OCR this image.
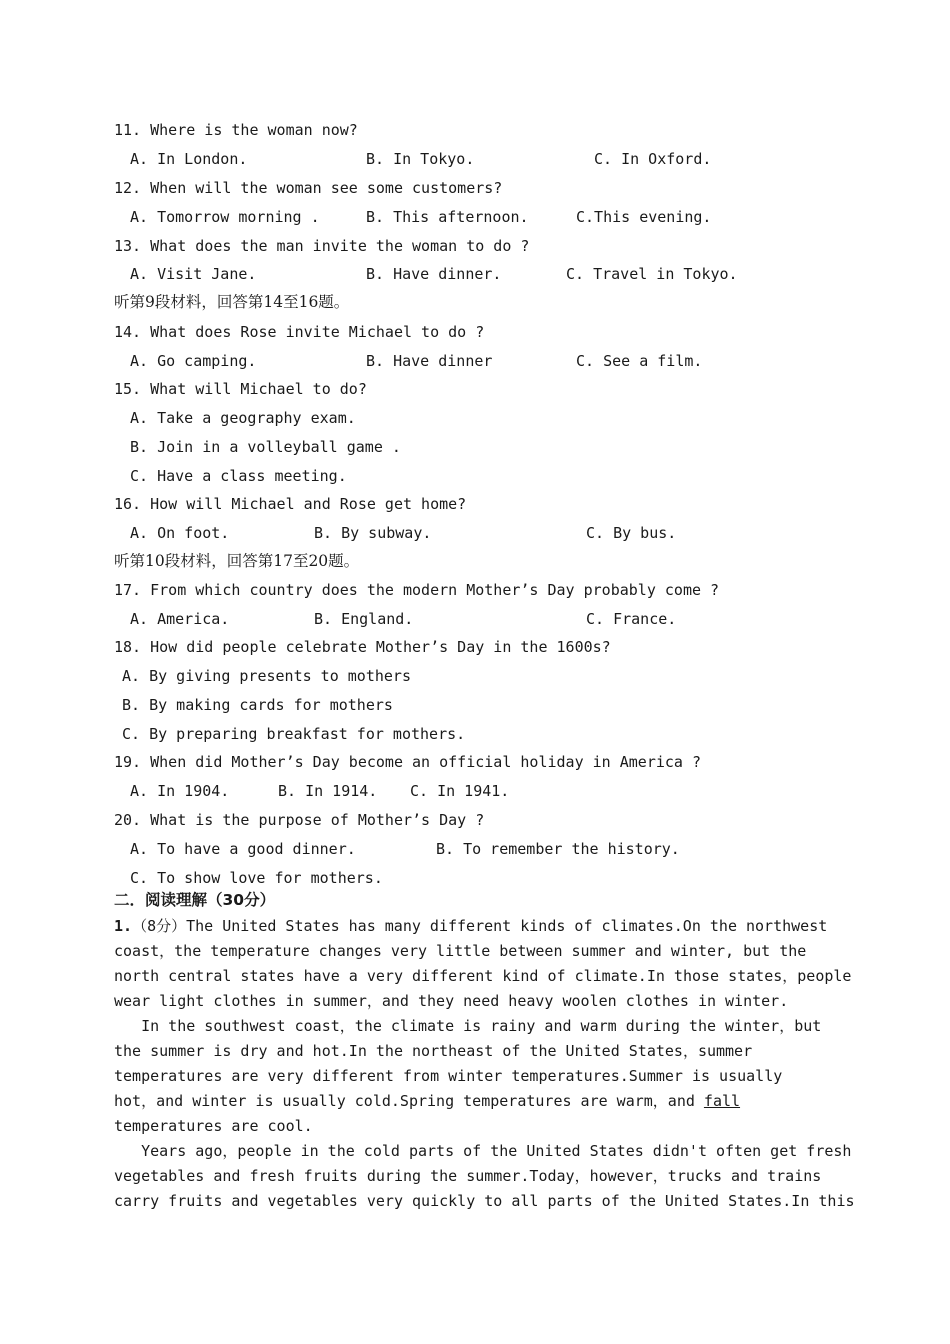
11. Where is the woman now?

A. In London.

	B. In Tokyo.

	C. In Oxford.

12. When will the woman see some customers?

A. Tomorrow morning .

	B. This afternoon.

	C.This evening.

13. What does the man invite the woman to do ?

A. Visit Jane.

	B. Have dinner.

	C. Travel in Tokyo.

听第9段材料，回答第14至16题。
14. What does Rose invite Michael to do ?

A. Go camping.

	B. Have dinner

	C. See a film.

15. What will Michael to do?
A. Take a geography exam.
B. Join in a volleyball game .
C. Have a class meeting.
16. How will Michael and Rose get home?

A. On foot.

	B. By subway.

	C. By bus.

听第10段材料，回答第17至20题。
17. From which country does the modern Mother’s Day probably come ?

A. America.

	B. England.

	C. France.

18. How did people celebrate Mother’s Day in the 1600s?
A. By giving presents to mothers
B. By making cards for mothers
C. By preparing breakfast for mothers.
19. When did Mother’s Day become an official holiday in America ?

A. In 1904.

	B. In 1914.

C. In 1941.

20. What is the purpose of Mother’s Day ?

A. To have a good dinner.

	B. To remember the history.

C. To show love for mothers.
二．阅读理解（30分）
1.（8分）The United States has many different kinds of climates.On the northwest
coast，the temperature changes very little between summer and winter, but the
north central states have a very different kind of climate.In those states，people
wear light clothes in summer，and they need heavy woolen clothes in winter.
In the southwest coast，the climate is rainy and warm during the winter，but
the summer is dry and hot.In the northeast of the United States，summer
temperatures are very different from winter temperatures.Summer is usually
hot，and winter is usually cold.Spring temperatures are warm，and fall
temperatures are cool.
Years ago，people in the cold parts of the United States didn't often get fresh
vegetables and fresh fruits during the summer.Today，however，trucks and trains
carry fruits and vegetables very quickly to all parts of the United States.In this
